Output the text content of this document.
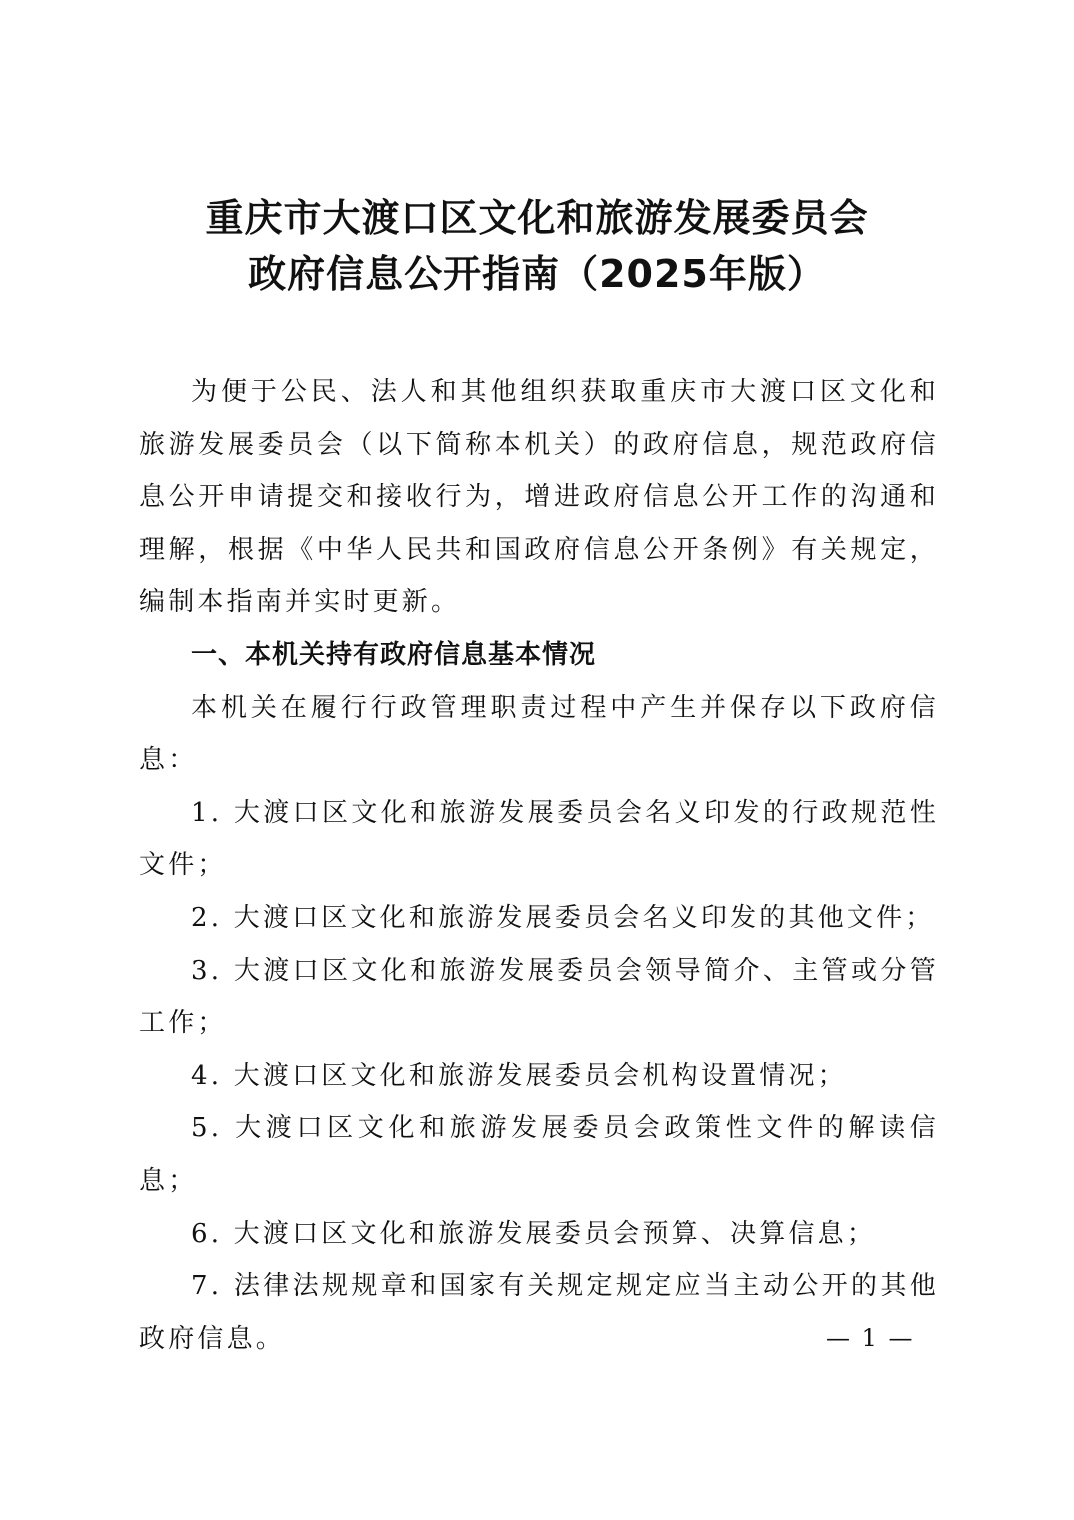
重庆市大渡口区文化和旅游发展委员会
政府信息公开指南（2025年版）

为便于公民、法人和其他组织获取重庆市大渡口区文化和旅游发展委员会（以下简称本机关）的政府信息，规范政府信息公开申请提交和接收行为，增进政府信息公开工作的沟通和理解，根据《中华人民共和国政府信息公开条例》有关规定，编制本指南并实时更新。

一、本机关持有政府信息基本情况

本机关在履行行政管理职责过程中产生并保存以下政府信息：

1. 大渡口区文化和旅游发展委员会名义印发的行政规范性文件；

2. 大渡口区文化和旅游发展委员会名义印发的其他文件；

3. 大渡口区文化和旅游发展委员会领导简介、主管或分管工作；

4. 大渡口区文化和旅游发展委员会机构设置情况；

5. 大渡口区文化和旅游发展委员会政策性文件的解读信息；

6. 大渡口区文化和旅游发展委员会预算、决算信息；

7. 法律法规规章和国家有关规定规定应当主动公开的其他政府信息。	— 1 —
